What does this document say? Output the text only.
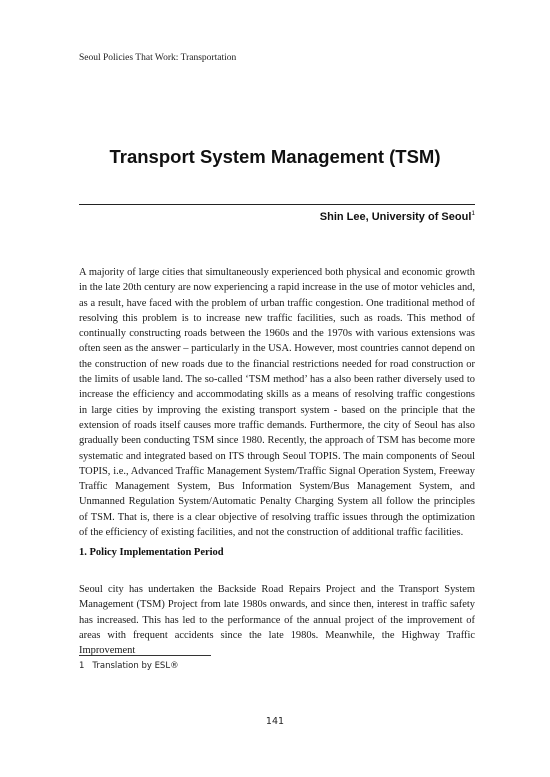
Seoul Policies That Work: Transportation
Transport System Management (TSM)
Shin Lee, University of Seoul$^1$

A majority of large cities that simultaneously experienced both physical and economic growth in the late 20th century are now experiencing a rapid increase in the use of motor vehicles and, as a result, have faced with the problem of urban traffic congestion. One traditional method of resolving this problem is to increase new traffic facilities, such as roads. This method of continually constructing roads between the 1960s and the 1970s with various extensions was often seen as the answer – particularly in the USA. However, most countries cannot depend on the construction of new roads due to the financial restrictions needed for road construction or the limits of usable land. The so-called ‘TSM method’ has a also been rather diversely used to increase the efficiency and accommodating skills as a means of resolving traffic congestions in large cities by improving the existing transport system - based on the principle that the extension of roads itself causes more traffic demands. Furthermore, the city of Seoul has also gradually been conducting TSM since 1980. Recently, the approach of TSM has become more systematic and integrated based on ITS through Seoul TOPIS. The main components of Seoul TOPIS, i.e., Advanced Traffic Management System/Traffic Signal Operation System, Freeway Traffic Management System, Bus Information System/Bus Management System, and Unmanned Regulation System/Automatic Penalty Charging System all follow the principles of TSM. That is, there is a clear objective of resolving traffic issues through the optimization of the efficiency of existing facilities, and not the construction of additional traffic facilities.

1. Policy Implementation Period

Seoul city has undertaken the Backside Road Repairs Project and the Transport System Management (TSM) Project from late 1980s onwards, and since then, interest in traffic safety has increased. This has led to the performance of the annual project of the improvement of areas with frequent accidents since the late 1980s. Meanwhile, the Highway Traffic Improvement

1 Translation by ESL®
141
